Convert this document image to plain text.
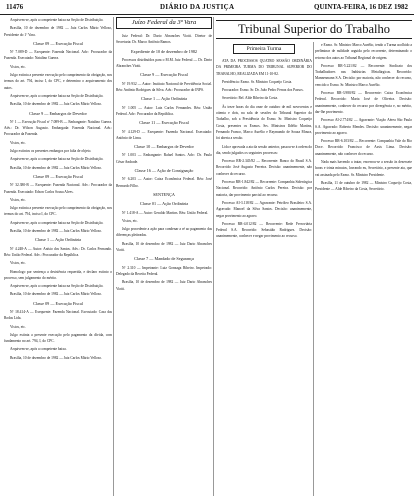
11476	DIÁRIO DA JUSTIÇA	QUINTA-FEIRA, 16 DEZ 1982

Arquivem-se, após a competente baixa na Seção de Distribuição.

Brasília, 10 de dezembro de 1982 — Juiz Carlos Mário Velloso, Presidente do 1º Vara.

Classe 09 — Execução Fiscal

Nº 7.089-D — Exequente: Fazenda Nacional. Adv.: Procurador da Fazenda. Executado: Natalino Guerra.

Vistos, etc.

Julgo extinta a presente execução pelo cumprimento da obrigação, nos termos do art. 794, inciso I, do CPC, e determino o arquivamento dos autos.

Arquivem-se, após a competente baixa na Seção de Distribuição.

Brasília, 10 de dezembro de 1982 — Juiz Carlos Mário Velloso.

Classe 9 — Embargos de Devedor

Nº 1 — Execução Fiscal nº 7.089-B — Embargante: Natalino Guerra. Adv.: Dr. Wilson Augusto. Embargada: Fazenda Nacional. Adv.: Procurador da Fazenda.

Vistos, etc.

Julgo extintos os presentes embargos por falta de objeto.

Arquivem-se, após a competente baixa na Seção de Distribuição.

Brasília, 10 de dezembro de 1982 — Juiz Carlos Mário Velloso.

Classe 09 — Execução Fiscal

Nº 32.380-B — Exequente: Fazenda Nacional. Adv.: Procurador da Fazenda. Executado: Edson Carlos Sousa Alves.

Vistos, etc.

Julgo extinta a presente execução pelo cumprimento da obrigação, nos termos do art. 794, inciso I, do CPC.

Arquivem-se, após a competente baixa na Seção de Distribuição.

Brasília, 10 de dezembro de 1982 — Juiz Carlos Mário Velloso.

Classe 1 — Ação Ordinária

Nº 4.248-A — Autor: Anísio dos Santos. Adv.: Dr. Carlos Fernando. Réu: União Federal. Adv.: Procurador da República.

Vistos, etc.

Homologo por sentença a desistência requerida, e declaro extinto o processo, sem julgamento do mérito.

Arquivem-se, após a competente baixa na Seção de Distribuição.

Brasília, 10 de dezembro de 1982 — Juiz Carlos Mário Velloso.

Classe 09 — Execução Fiscal

Nº 18.414-A — Exequente: Fazenda Nacional. Executado: Casa das Rodas Ltda.

Vistos, etc.

Julgo extinta a presente execução pelo pagamento da dívida, com fundamento no art. 794, I, do CPC.

Arquivem-se, após a competente baixa.

Brasília, 10 de dezembro de 1982 — Juiz Carlos Mário Velloso.

Juízo Federal da 3ª Vara

Juiz Federal: Dr. Dario Abranches Viotti. Diretor de Secretaria: Dr. Marco Antônio Ramos.

Expediente de 10 de dezembro de 1982

Processos distribuídos para o M.M. Juiz Federal — Dr. Dario Abranches Viotti.

Classe 9 — Execução Fiscal

Nº 19.932 — Autor: Instituto Nacional de Previdência Social. Réu: Antônio Rodrigues da Silva. Adv.: Procurador do INPS.

Classe 1 — Ação Ordinária

Nº 1.005 — Autor: Luiz Carlos Fernandes. Réu: União Federal. Adv.: Procurador da República.

Classe 11 — Execução Fiscal

Nº 4.129-D — Exequente: Fazenda Nacional. Executado: Antônio de Lima.

Classe 10 — Embargos de Devedor

Nº 1.003 — Embargante: Rafael Santos. Adv.: Dr. Paulo César Andrade.

Classe 16 — Ação de Consignação

Nº 6.203 — Autor: Caixa Econômica Federal. Réu: José Bernardo Filho.

SENTENÇA

Classe 01 — Ação Ordinária

Nº 1.418-A — Autor: Geraldo Martins. Réu: União Federal.

Vistos, etc.

Julgo procedente a ação para condenar a ré ao pagamento das diferenças pleiteadas.

Brasília, 10 de dezembro de 1982 — Juiz Dario Abranches Viotti.

Classe 7 — Mandado de Segurança

Nº 2.310 — Impetrante: Luiz Gonzaga Ribeiro. Impetrado: Delegado da Receita Federal.

Brasília, 10 de dezembro de 1982 — Juiz Dario Abranches Viotti.

Tribunal Superior do Trabalho
Primeira Turma

ATA DA PROCESSOS QUATRO SESSÃO ORDINÁRIA DA PRIMEIRA TURMA DO TRIBUNAL SUPERIOR DO TRABALHO, REALIZADA EM 11-10-82.

Presidência: Exmo. Sr. Ministro Coqueijo Costa.

Procurador: Exmo. Sr. Dr. João Pedro Ferraz dos Passos.

Secretário: Bel. Alde Ribeiro da Costa.

Às treze horas do dia onze de outubro de mil novecentos e oitenta e dois, na sala de sessões do Tribunal Superior do Trabalho, sob a Presidência do Exmo. Sr. Ministro Coqueijo Costa, presentes os Exmos. Srs. Ministros Ildélio Martins, Fernando Franco, Marco Aurélio e Raymundo de Souza Moura, foi aberta a sessão.

Lida e aprovada a ata da sessão anterior, passou-se à ordem do dia, sendo julgados os seguintes processos:

Processo RR-2.345/82 — Recorrente: Banco do Brasil S.A. Recorrido: José Augusto Ferreira. Decisão: unanimemente, não conhecer do recurso.

Processo RR-1.842/82 — Recorrente: Companhia Siderúrgica Nacional. Recorrido: Antônio Carlos Pereira. Decisão: por maioria, dar provimento parcial ao recurso.

Processo AI-3.118/82 — Agravante: Petróleo Brasileiro S.A. Agravado: Manoel da Silva Santos. Decisão: unanimemente, negar provimento ao agravo.

Processo RR-4.012/82 — Recorrente: Rede Ferroviária Federal S.A. Recorrido: Sebastião Rodrigues. Decisão: unanimemente, conhecer e negar provimento ao recurso.

e Exmo. Sr. Ministro Marco Aurélio, tendo a Turma acolhido a preliminar de nulidade arguida pelo recorrente, determinando o retorno dos autos ao Tribunal Regional de origem.

Processo RR-5.221/82 — Recorrente: Sindicato dos Trabalhadores nas Indústrias Metalúrgicas. Recorrido: Mannesmann S.A. Decisão: por maioria, não conhecer do recurso, vencido o Exmo. Sr. Ministro Marco Aurélio.

Processo RR-3.980/82 — Recorrente: Caixa Econômica Federal. Recorrido: Maria José de Oliveira. Decisão: unanimemente, conhecer do recurso por divergência e, no mérito, dar-lhe provimento.

Processo AI-2.774/82 — Agravante: Viação Aérea São Paulo S.A. Agravado: Roberto Mendes. Decisão: unanimemente, negar provimento ao agravo.

Processo RR-6.103/82 — Recorrente: Companhia Vale do Rio Doce. Recorrido: Francisco de Assis Lima. Decisão: unanimemente, não conhecer do recurso.

Nada mais havendo a tratar, encerrou-se a sessão às dezessete horas e trinta minutos, lavrando eu, Secretário, a presente ata, que vai assinada pelo Exmo. Sr. Ministro Presidente.

Brasília, 11 de outubro de 1982 — Ministro Coqueijo Costa, Presidente — Alde Ribeiro da Costa, Secretário.
